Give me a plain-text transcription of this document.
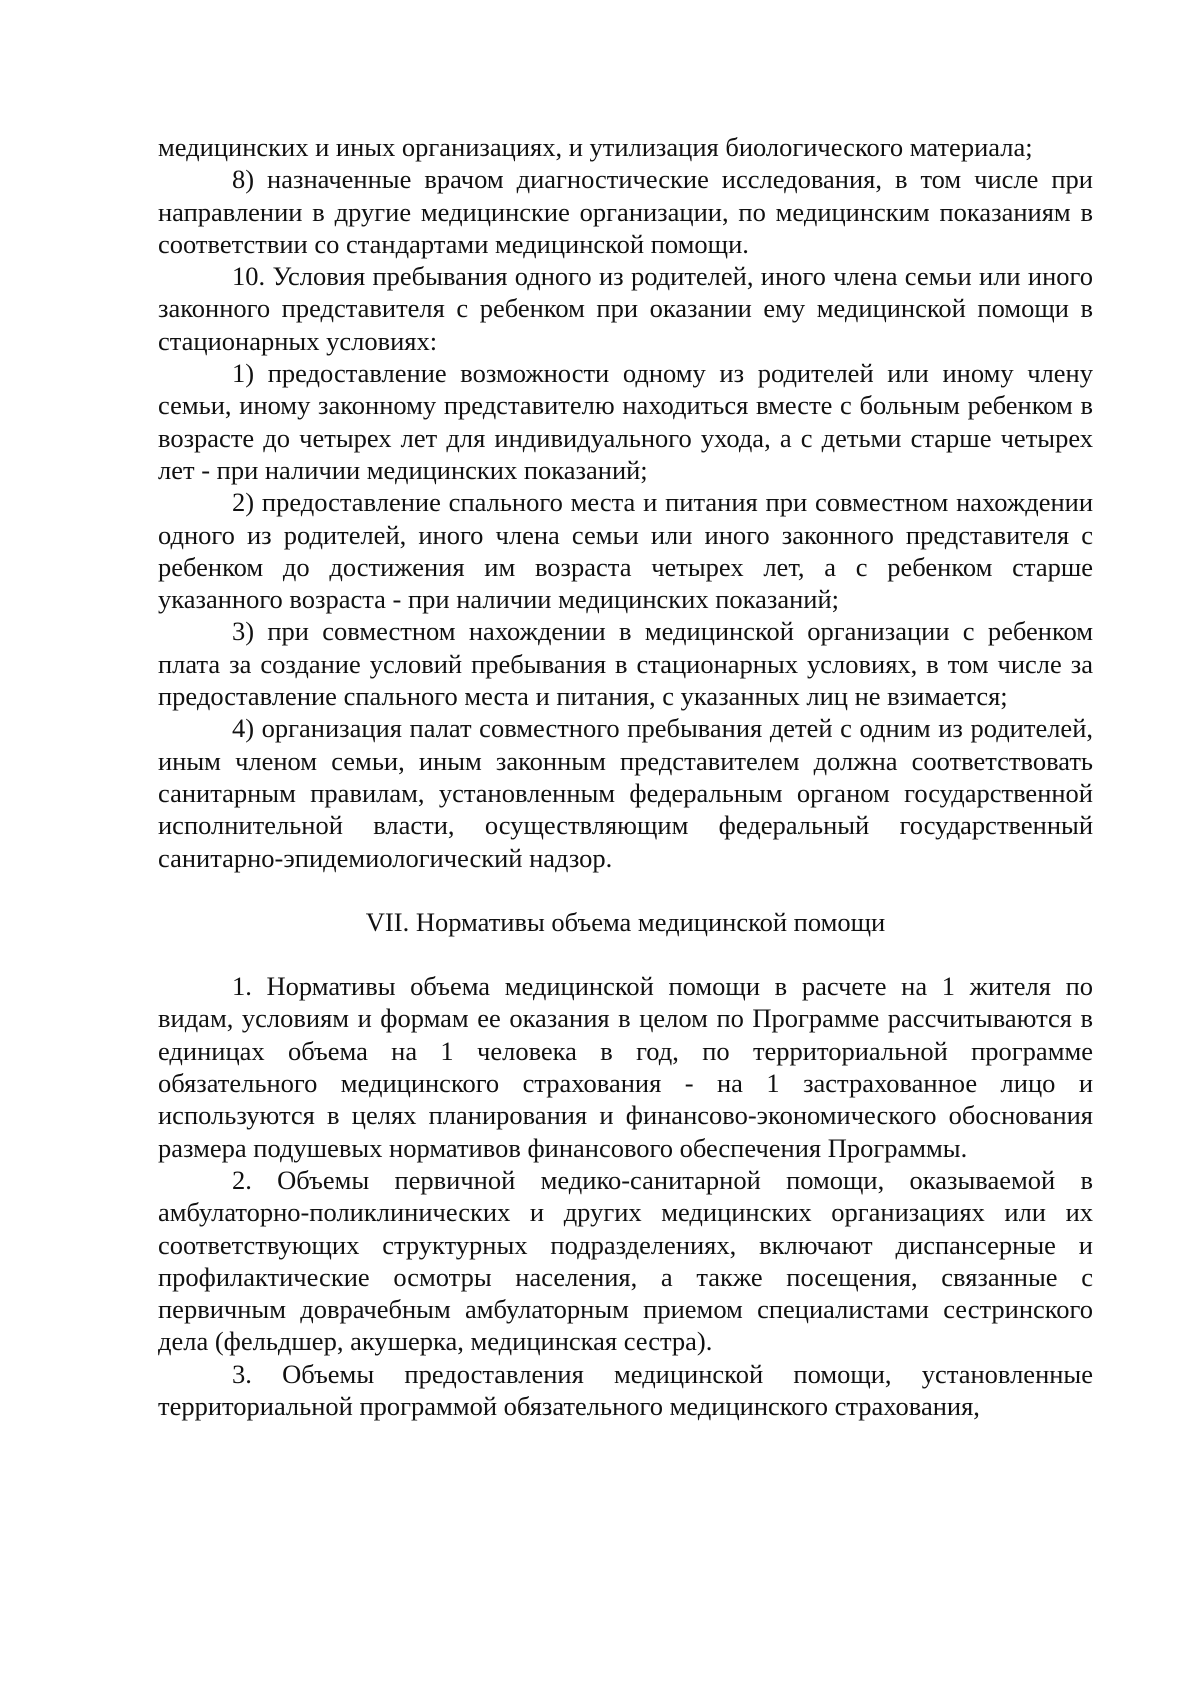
медицинских и иных организациях, и утилизация биологического материала;

8) назначенные врачом диагностические исследования, в том числе при направлении в другие медицинские организации, по медицинским показаниям в соответствии со стандартами медицинской помощи.

10. Условия пребывания одного из родителей, иного члена семьи или иного законного представителя с ребенком при оказании ему медицинской помощи в стационарных условиях:

1) предоставление возможности одному из родителей или иному члену семьи, иному законному представителю находиться вместе с больным ребенком в возрасте до четырех лет для индивидуального ухода, а с детьми старше четырех лет - при наличии медицинских показаний;

2) предоставление спального места и питания при совместном нахождении одного из родителей, иного члена семьи или иного законного представителя с ребенком до достижения им возраста четырех лет, а с ребенком старше указанного возраста - при наличии медицинских показаний;

3) при совместном нахождении в медицинской организации с ребенком плата за создание условий пребывания в стационарных условиях, в том числе за предоставление спального места и питания, с указанных лиц не взимается;

4) организация палат совместного пребывания детей с одним из родителей, иным членом семьи, иным законным представителем должна соответствовать санитарным правилам, установленным федеральным органом государственной исполнительной власти, осуществляющим федеральный государственный санитарно-эпидемиологический надзор.

VII. Нормативы объема медицинской помощи

1. Нормативы объема медицинской помощи в расчете на 1 жителя по видам, условиям и формам ее оказания в целом по Программе рассчитываются в единицах объема на 1 человека в год, по территориальной программе обязательного медицинского страхования - на 1 застрахованное лицо и используются в целях планирования и финансово-экономического обоснования размера подушевых нормативов финансового обеспечения Программы.

2. Объемы первичной медико-санитарной помощи, оказываемой в амбулаторно-поликлинических и других медицинских организациях или их соответствующих структурных подразделениях, включают диспансерные и профилактические осмотры населения, а также посещения, связанные с первичным доврачебным амбулаторным приемом специалистами сестринского дела (фельдшер, акушерка, медицинская сестра).

3. Объемы предоставления медицинской помощи, установленные территориальной программой обязательного медицинского страхования,
